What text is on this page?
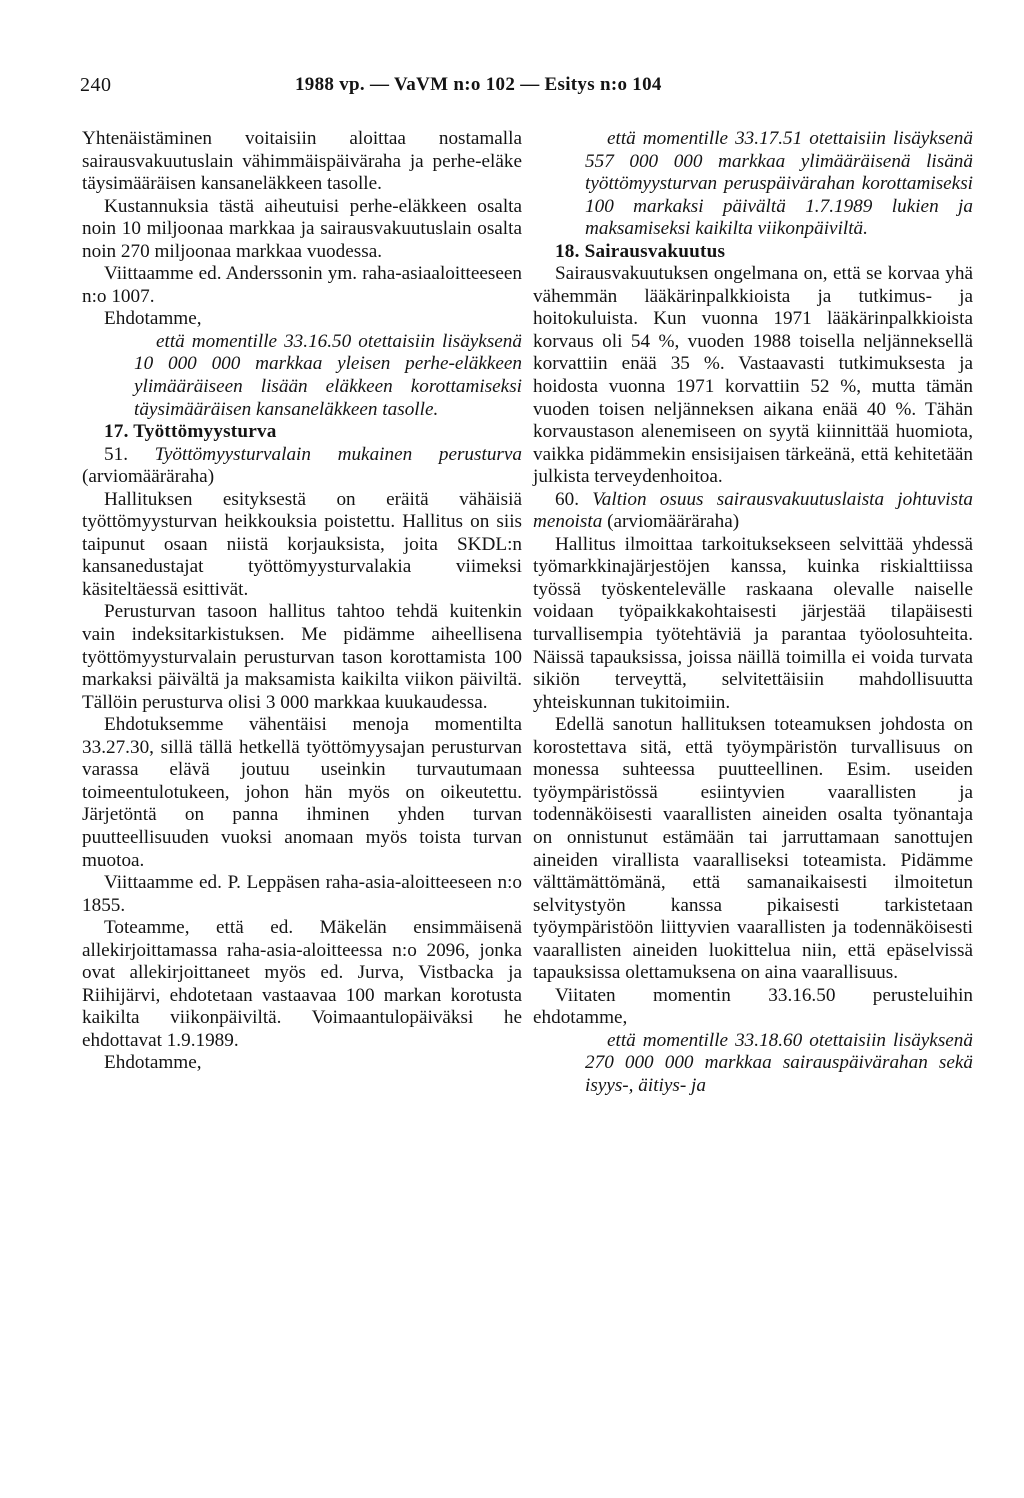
240	1988 vp. — VaVM n:o 102 — Esitys n:o 104

Yhtenäistäminen voitaisiin aloittaa nostamalla sairausvakuutuslain vähimmäispäiväraha ja perhe-eläke täysimääräisen kansaneläkkeen tasolle.

Kustannuksia tästä aiheutuisi perhe-eläkkeen osalta noin 10 miljoonaa markkaa ja sairausvakuutuslain osalta noin 270 miljoonaa markkaa vuodessa.

Viittaamme ed. Anderssonin ym. raha-asiaaloitteeseen n:o 1007.

Ehdotamme,

että momentille 33.16.50 otettaisiin lisäyksenä 10 000 000 markkaa yleisen perhe-eläkkeen ylimääräiseen lisään eläkkeen korottamiseksi täysimääräisen kansaneläkkeen tasolle.

17. Työttömyysturva

51. Työttömyysturvalain mukainen perusturva (arviomääräraha)

Hallituksen esityksestä on eräitä vähäisiä työttömyysturvan heikkouksia poistettu. Hallitus on siis taipunut osaan niistä korjauksista, joita SKDL:n kansanedustajat työttömyysturvalakia viimeksi käsiteltäessä esittivät.

Perusturvan tasoon hallitus tahtoo tehdä kuitenkin vain indeksitarkistuksen. Me pidämme aiheellisena työttömyysturvalain perusturvan tason korottamista 100 markaksi päivältä ja maksamista kaikilta viikon päiviltä. Tällöin perusturva olisi 3 000 markkaa kuukaudessa.

Ehdotuksemme vähentäisi menoja momentilta 33.27.30, sillä tällä hetkellä työttömyysajan perusturvan varassa elävä joutuu useinkin turvautumaan toimeentulotukeen, johon hän myös on oikeutettu. Järjetöntä on panna ihminen yhden turvan puutteellisuuden vuoksi anomaan myös toista turvan muotoa.

Viittaamme ed. P. Leppäsen raha-asia-aloitteeseen n:o 1855.

Toteamme, että ed. Mäkelän ensimmäisenä allekirjoittamassa raha-asia-aloitteessa n:o 2096, jonka ovat allekirjoittaneet myös ed. Jurva, Vistbacka ja Riihijärvi, ehdotetaan vastaavaa 100 markan korotusta kaikilta viikonpäiviltä. Voimaantulopäiväksi he ehdottavat 1.9.1989.

Ehdotamme,

että momentille 33.17.51 otettaisiin lisäyksenä 557 000 000 markkaa ylimääräisenä lisänä työttömyysturvan peruspäivärahan korottamiseksi 100 markaksi päivältä 1.7.1989 lukien ja maksamiseksi kaikilta viikonpäiviltä.

18. Sairausvakuutus

Sairausvakuutuksen ongelmana on, että se korvaa yhä vähemmän lääkärinpalkkioista ja tutkimus- ja hoitokuluista. Kun vuonna 1971 lääkärinpalkkioista korvaus oli 54 %, vuoden 1988 toisella neljänneksellä korvattiin enää 35 %. Vastaavasti tutkimuksesta ja hoidosta vuonna 1971 korvattiin 52 %, mutta tämän vuoden toisen neljänneksen aikana enää 40 %. Tähän korvaustason alenemiseen on syytä kiinnittää huomiota, vaikka pidämmekin ensisijaisen tärkeänä, että kehitetään julkista terveydenhoitoa.

60. Valtion osuus sairausvakuutuslaista johtuvista menoista (arviomääräraha)

Hallitus ilmoittaa tarkoituksekseen selvittää yhdessä työmarkkinajärjestöjen kanssa, kuinka riskialttiissa työssä työskentelevälle raskaana olevalle naiselle voidaan työpaikkakohtaisesti järjestää tilapäisesti turvallisempia työtehtäviä ja parantaa työolosuhteita. Näissä tapauksissa, joissa näillä toimilla ei voida turvata sikiön terveyttä, selvitettäisiin mahdollisuutta yhteiskunnan tukitoimiin.

Edellä sanotun hallituksen toteamuksen johdosta on korostettava sitä, että työympäristön turvallisuus on monessa suhteessa puutteellinen. Esim. useiden työympäristössä esiintyvien vaarallisten ja todennäköisesti vaarallisten aineiden osalta työnantaja on onnistunut estämään tai jarruttamaan sanottujen aineiden virallista vaaralliseksi toteamista. Pidämme välttämättömänä, että samanaikaisesti ilmoitetun selvitystyön kanssa pikaisesti tarkistetaan työympäristöön liittyvien vaarallisten ja todennäköisesti vaarallisten aineiden luokittelua niin, että epäselvissä tapauksissa olettamuksena on aina vaarallisuus.

Viitaten momentin 33.16.50 perusteluihin ehdotamme,

että momentille 33.18.60 otettaisiin lisäyksenä 270 000 000 markkaa sairauspäivärahan sekä isyys-, äitiys- ja
